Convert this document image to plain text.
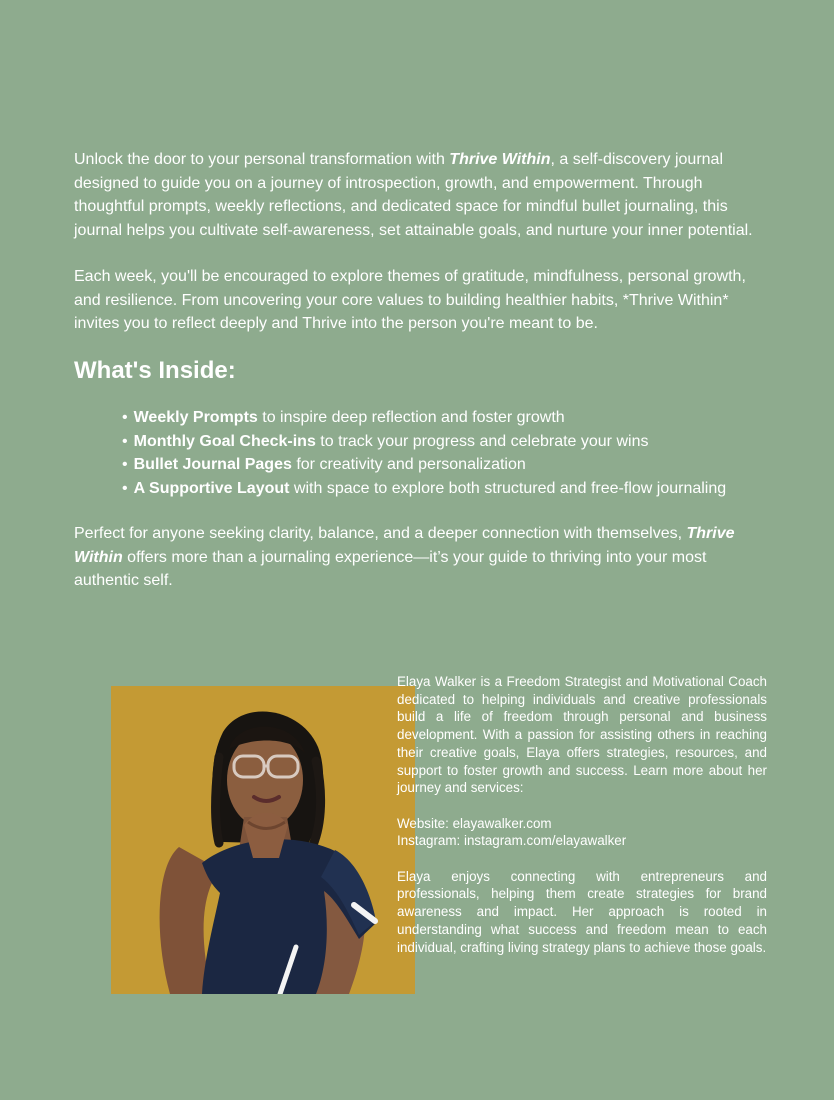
Unlock the door to your personal transformation with Thrive Within, a self-discovery journal designed to guide you on a journey of introspection, growth, and empowerment. Through thoughtful prompts, weekly reflections, and dedicated space for mindful bullet journaling, this journal helps you cultivate self-awareness, set attainable goals, and nurture your inner potential.

Each week, you'll be encouraged to explore themes of gratitude, mindfulness, personal growth, and resilience. From uncovering your core values to building healthier habits, *Thrive Within* invites you to reflect deeply and Thrive into the person you're meant to be.

What's Inside:
• Weekly Prompts to inspire deep reflection and foster growth
• Monthly Goal Check-ins to track your progress and celebrate your wins
• Bullet Journal Pages for creativity and personalization
• A Supportive Layout with space to explore both structured and free-flow journaling

Perfect for anyone seeking clarity, balance, and a deeper connection with themselves, Thrive Within offers more than a journaling experience—it’s your guide to thriving into your most authentic self.

Elaya Walker is a Freedom Strategist and Motivational Coach dedicated to helping individuals and creative professionals build a life of freedom through personal and business development. With a passion for assisting others in reaching their creative goals, Elaya offers strategies, resources, and support to foster growth and success. Learn more about her journey and services:

Website: elayawalker.com
Instagram: instagram.com/elayawalker

Elaya enjoys connecting with entrepreneurs and professionals, helping them create strategies for brand awareness and impact. Her approach is rooted in understanding what success and freedom mean to each individual, crafting living strategy plans to achieve those goals.
